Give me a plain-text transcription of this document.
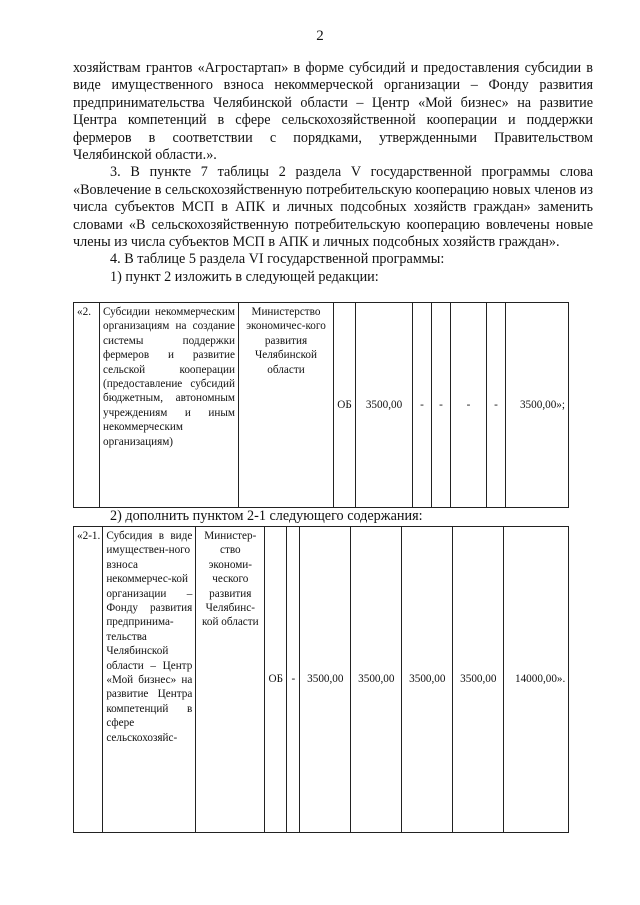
2

хозяйствам грантов «Агростартап» в форме субсидий и предоставления субсидии в виде имущественного взноса некоммерческой организации – Фонду развития предпринимательства Челябинской области – Центр «Мой бизнес» на развитие Центра компетенций в сфере сельскохозяйственной кооперации и поддержки фермеров в соответствии с порядками, утвержденными Правительством Челябинской области.».

3. В пункте 7 таблицы 2 раздела V государственной программы слова «Вовлечение в сельскохозяйственную потребительскую кооперацию новых членов из числа субъектов МСП в АПК и личных подсобных хозяйств граждан» заменить словами «В сельскохозяйственную потребительскую кооперацию вовлечены новые члены из числа субъектов МСП в АПК и личных подсобных хозяйств граждан».

4. В таблице 5 раздела VI государственной программы:

1) пункт 2 изложить в следующей редакции:

«2.	Субсидии некоммерческим организациям на создание системы поддержки фермеров и развитие сельской кооперации (предоставление субсидий бюджетным, автономным учреждениям и иным некоммерческим организациям)	Министерство экономичес-кого развития Челябинской области	ОБ	3500,00	-	-	-	-	3500,00»;
2) дополнить пунктом 2-1 следующего содержания:
«2-1.	Субсидия в виде имуществен-ного взноса некоммерчес-кой организации – Фонду развития предпринима-тельства Челябинской области – Центр «Мой бизнес» на развитие Центра компетенций в сфере сельскохозяйс-	Министер-ство экономи-ческого развития Челябинс-кой области	ОБ	-	3500,00	3500,00	3500,00	3500,00	14000,00».
